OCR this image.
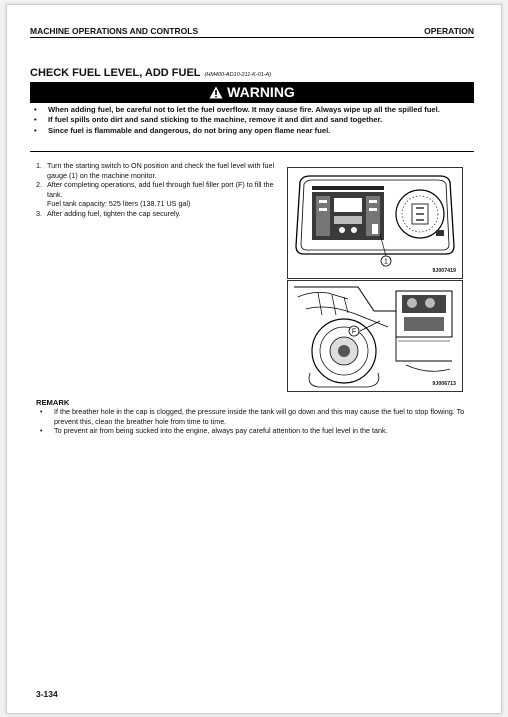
MACHINE OPERATIONS AND CONTROLS	OPERATION
CHECK FUEL LEVEL, ADD FUEL (HM400-AD10-211-K-01-A)
WARNING
• When adding fuel, be careful not to let the fuel overflow. It may cause fire. Always wipe up all the spilled fuel.
• If fuel spills onto dirt and sand sticking to the machine, remove it and dirt and sand together.
• Since fuel is flammable and dangerous, do not bring any open flame near fuel.
1. Turn the starting switch to ON position and check the fuel level with fuel gauge (1) on the machine monitor.
2. After completing operations, add fuel through fuel filler port (F) to fill the tank.
Fuel tank capacity: 525 liters (138.71 US gal)
3. After adding fuel, tighten the cap securely.
1
9J007419
F
9J006713
REMARK
• If the breather hole in the cap is clogged, the pressure inside the tank will go down and this may cause the fuel to stop flowing. To prevent this, clean the breather hole from time to time.
• To prevent air from being sucked into the engine, always pay careful attention to the fuel level in the tank.
3-134
